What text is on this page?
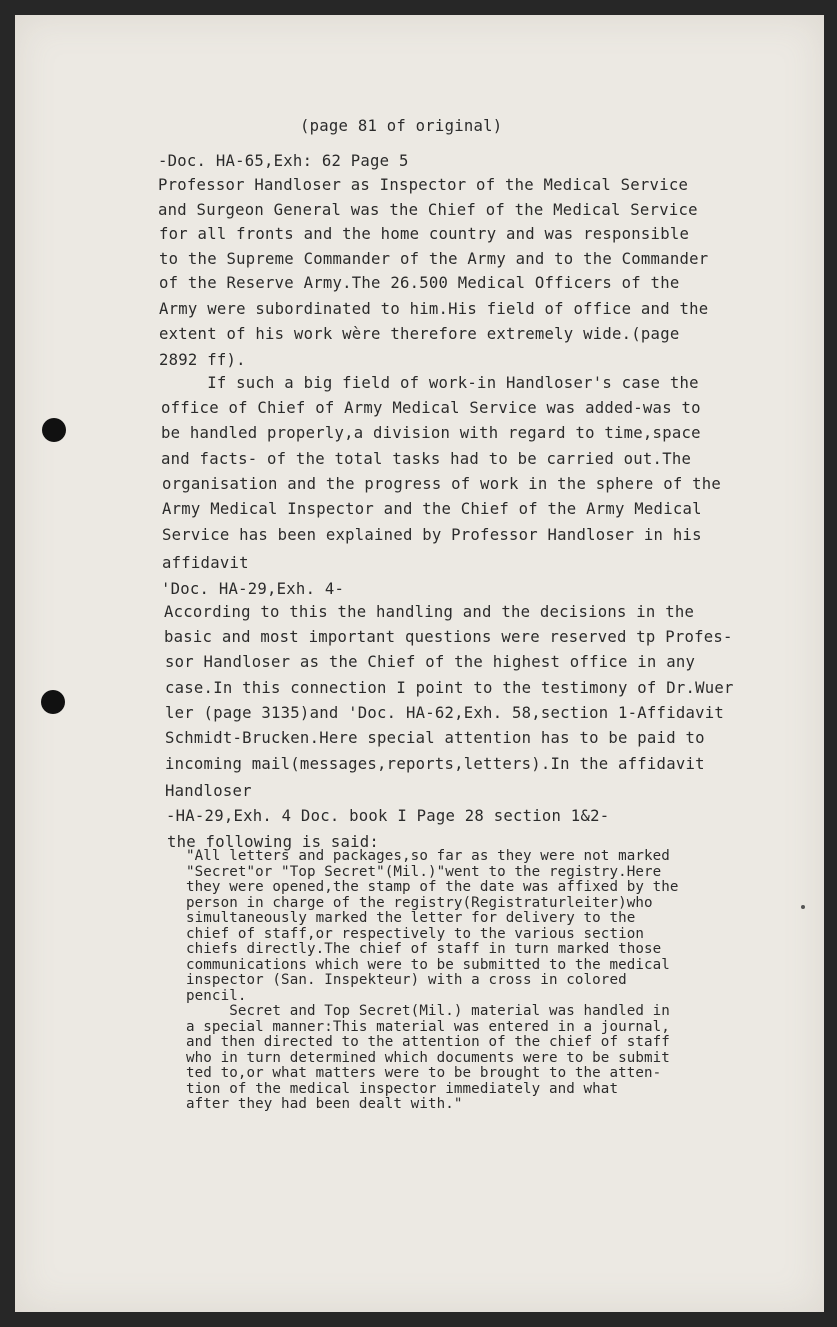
(page 81 of original)
-Doc. HA-65,Exh: 62 Page 5
Professor Handloser as Inspector of the Medical Service
and Surgeon General was the Chief of the Medical Service
for all fronts and the home country and was responsible
to the Supreme Commander of the Army and to the Commander
of the Reserve Army.The 26.500 Medical Officers of the
Army were subordinated to him.His field of office and the
extent of his work wère therefore extremely wide.(page
2892 ff).
If such a big field of work-in Handloser's case the
office of Chief of Army Medical Service was added-was to
be handled properly,a division with regard to time,space
and facts- of the total tasks had to be carried out.The
organisation and the progress of work in the sphere of the
Army Medical Inspector and the Chief of the Army Medical
Service has been explained by Professor Handloser in his
affidavit
'Doc. HA-29,Exh. 4-
According to this the handling and the decisions in the
basic and most important questions were reserved tp Profes-
sor Handloser as the Chief of the highest office in any
case.In this connection I point to the testimony of Dr.Wuer
ler (page 3135)and 'Doc. HA-62,Exh. 58,section 1-Affidavit
Schmidt-Brucken.Here special attention has to be paid to
incoming mail(messages,reports,letters).In the affidavit
Handloser
-HA-29,Exh. 4 Doc. book I Page 28 section 1&2-
the following is said:
"All letters and packages,so far as they were not marked
"Secret"or "Top Secret"(Mil.)"went to the registry.Here
they were opened,the stamp of the date was affixed by the
person in charge of the registry(Registraturleiter)who
simultaneously marked the letter for delivery to the
chief of staff,or respectively to the various section
chiefs directly.The chief of staff in turn marked those
communications which were to be submitted to the medical
inspector (San. Inspekteur) with a cross in colored
pencil.
Secret and Top Secret(Mil.) material was handled in
a special manner:This material was entered in a journal,
and then directed to the attention of the chief of staff
who in turn determined which documents were to be submit
ted to,or what matters were to be brought to the atten-
tion of the medical inspector immediately and what
after they had been dealt with."
